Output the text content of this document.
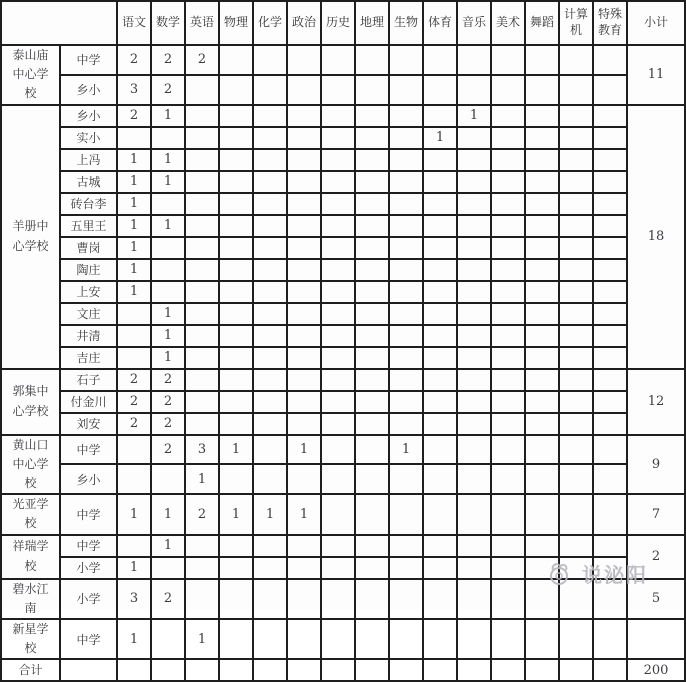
		语文	数学	英语	物理	化学	政治	历史	地理	生物	体育	音乐	美术	舞蹈	计算机	特殊教育	小计
泰山庙中心学校	中学	2	2	2													11
	乡小	3	2														
羊册中心学校	乡小	2	1									1					18
	实小										1						
	上冯	1	1														
	古城	1	1														
	砖台李	1															
	五里王	1	1														
	曹岗	1															
	陶庄	1															
	上安	1															
	文庄		1														
	井清		1														
	吉庄		1														
郭集中心学校	石子	2	2														12
	付金川	2	2														
	刘安	2	2														
黄山口中心学校	中学		2	3	1		1			1							9
	乡小			1													
光亚学校	中学	1	1	2	1	1	1										7
祥瑞学校	中学		1														2
	小学	1															
碧水江南	小学	3	2														5
新星学校	中学	1		1													
合计																	200
说泌阳
